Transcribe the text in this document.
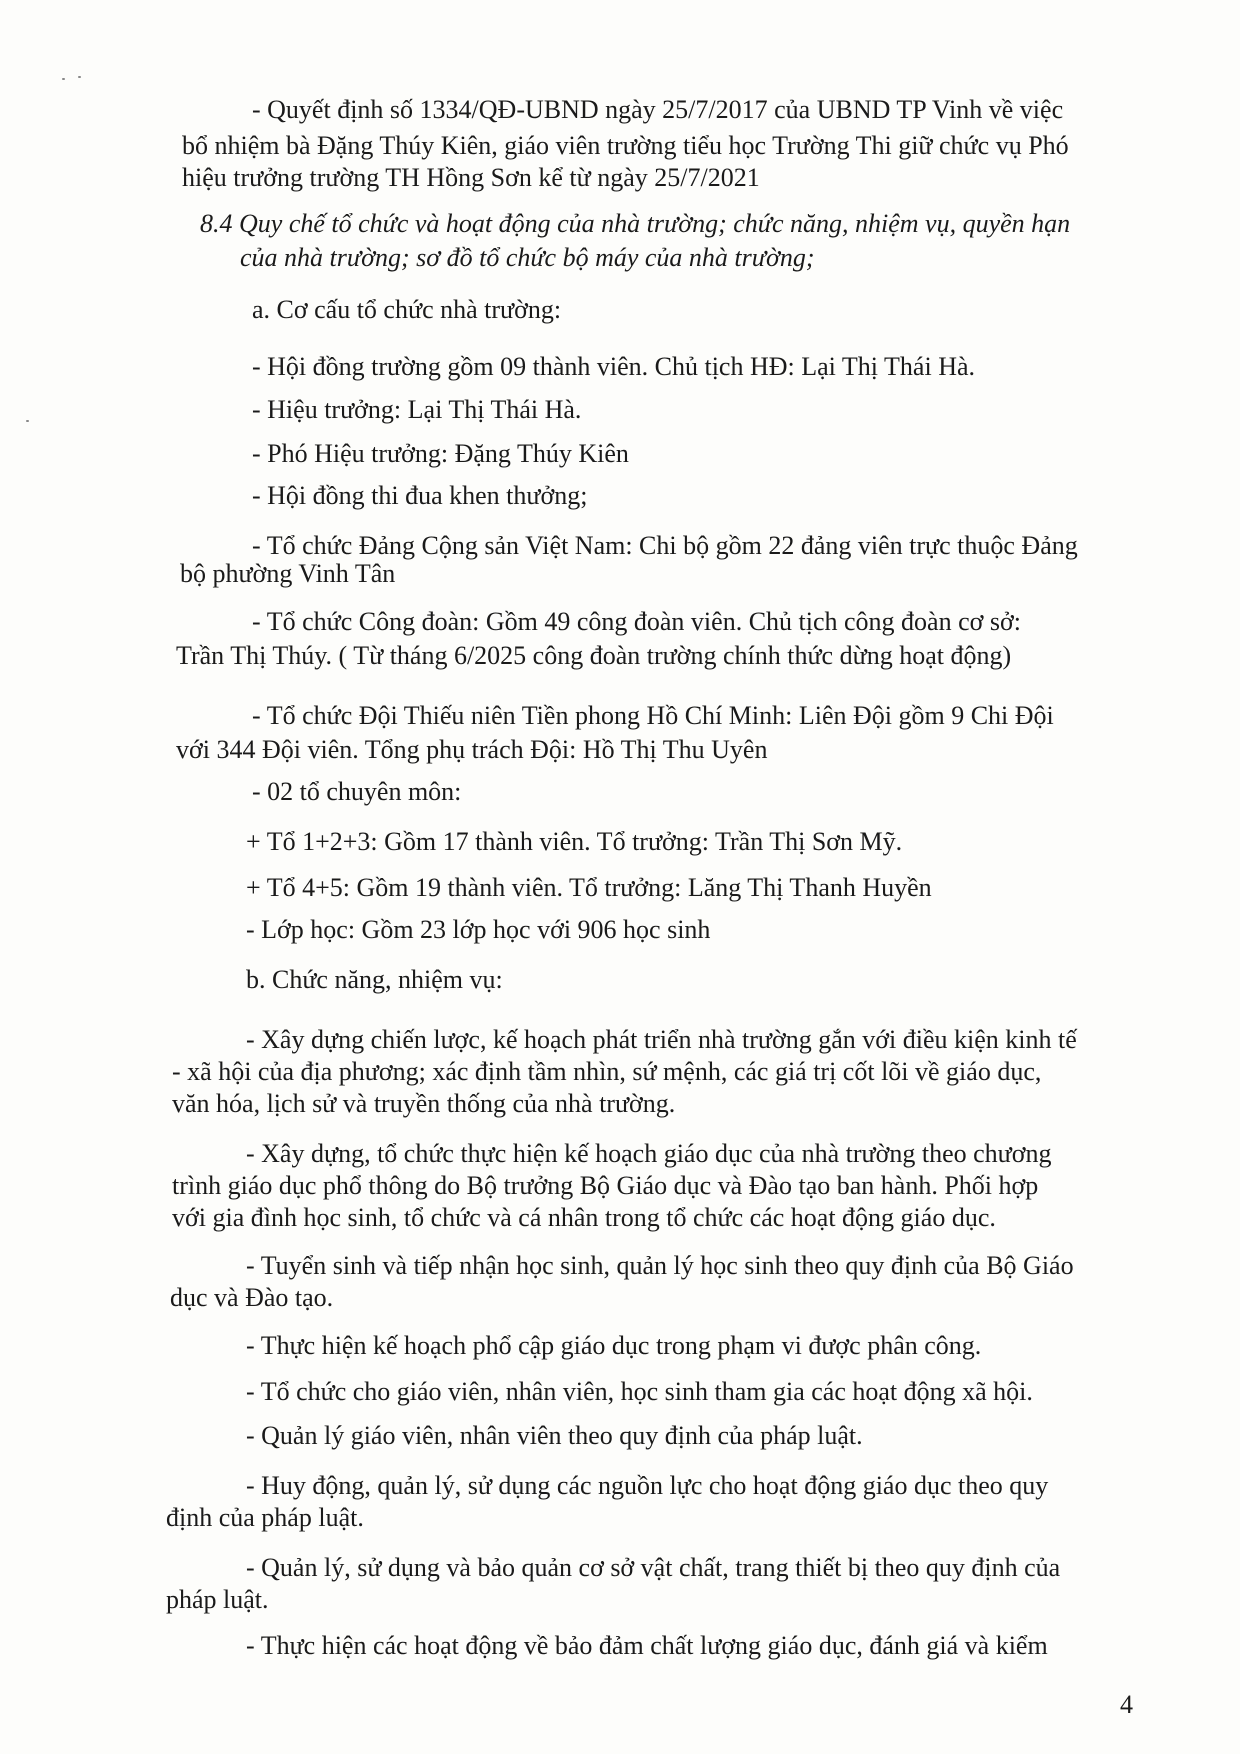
- Quyết định số 1334/QĐ-UBND ngày 25/7/2017 của UBND TP Vinh về việc

bổ nhiệm bà Đặng Thúy Kiên, giáo viên trường tiểu học Trường Thi giữ chức vụ Phó

hiệu trưởng trường TH Hồng Sơn kể từ ngày 25/7/2021

8.4 Quy chế tổ chức và hoạt động của nhà trường; chức năng, nhiệm vụ, quyền hạn

của nhà trường; sơ đồ tổ chức bộ máy của nhà trường;

a. Cơ cấu tổ chức nhà trường:

- Hội đồng trường gồm 09 thành viên. Chủ tịch HĐ: Lại Thị Thái Hà.

- Hiệu trưởng: Lại Thị Thái Hà.

- Phó Hiệu trưởng: Đặng Thúy Kiên

- Hội đồng thi đua khen thưởng;

- Tổ chức Đảng Cộng sản Việt Nam: Chi bộ gồm 22 đảng viên trực thuộc Đảng

bộ phường Vinh Tân

- Tổ chức Công đoàn: Gồm 49 công đoàn viên. Chủ tịch công đoàn cơ sở:

Trần Thị Thúy. ( Từ tháng 6/2025 công đoàn trường chính thức dừng hoạt động)

- Tổ chức Đội Thiếu niên Tiền phong Hồ Chí Minh: Liên Đội gồm 9 Chi Đội

với 344 Đội viên. Tổng phụ trách Đội: Hồ Thị Thu Uyên

- 02 tổ chuyên môn:

+ Tổ 1+2+3: Gồm 17 thành viên. Tổ trưởng: Trần Thị Sơn Mỹ.

+ Tổ 4+5: Gồm 19 thành viên. Tổ trưởng: Lăng Thị Thanh Huyền

- Lớp học: Gồm 23 lớp học với 906 học sinh

b. Chức năng, nhiệm vụ:

- Xây dựng chiến lược, kế hoạch phát triển nhà trường gắn với điều kiện kinh tế

- xã hội của địa phương; xác định tầm nhìn, sứ mệnh, các giá trị cốt lõi về giáo dục,

văn hóa, lịch sử và truyền thống của nhà trường.

- Xây dựng, tổ chức thực hiện kế hoạch giáo dục của nhà trường theo chương

trình giáo dục phổ thông do Bộ trưởng Bộ Giáo dục và Đào tạo ban hành. Phối hợp

với gia đình học sinh, tổ chức và cá nhân trong tổ chức các hoạt động giáo dục.

- Tuyển sinh và tiếp nhận học sinh, quản lý học sinh theo quy định của Bộ Giáo

dục và Đào tạo.

- Thực hiện kế hoạch phổ cập giáo dục trong phạm vi được phân công.

- Tổ chức cho giáo viên, nhân viên, học sinh tham gia các hoạt động xã hội.

- Quản lý giáo viên, nhân viên theo quy định của pháp luật.

- Huy động, quản lý, sử dụng các nguồn lực cho hoạt động giáo dục theo quy

định của pháp luật.

- Quản lý, sử dụng và bảo quản cơ sở vật chất, trang thiết bị theo quy định của

pháp luật.

- Thực hiện các hoạt động về bảo đảm chất lượng giáo dục, đánh giá và kiểm

4
